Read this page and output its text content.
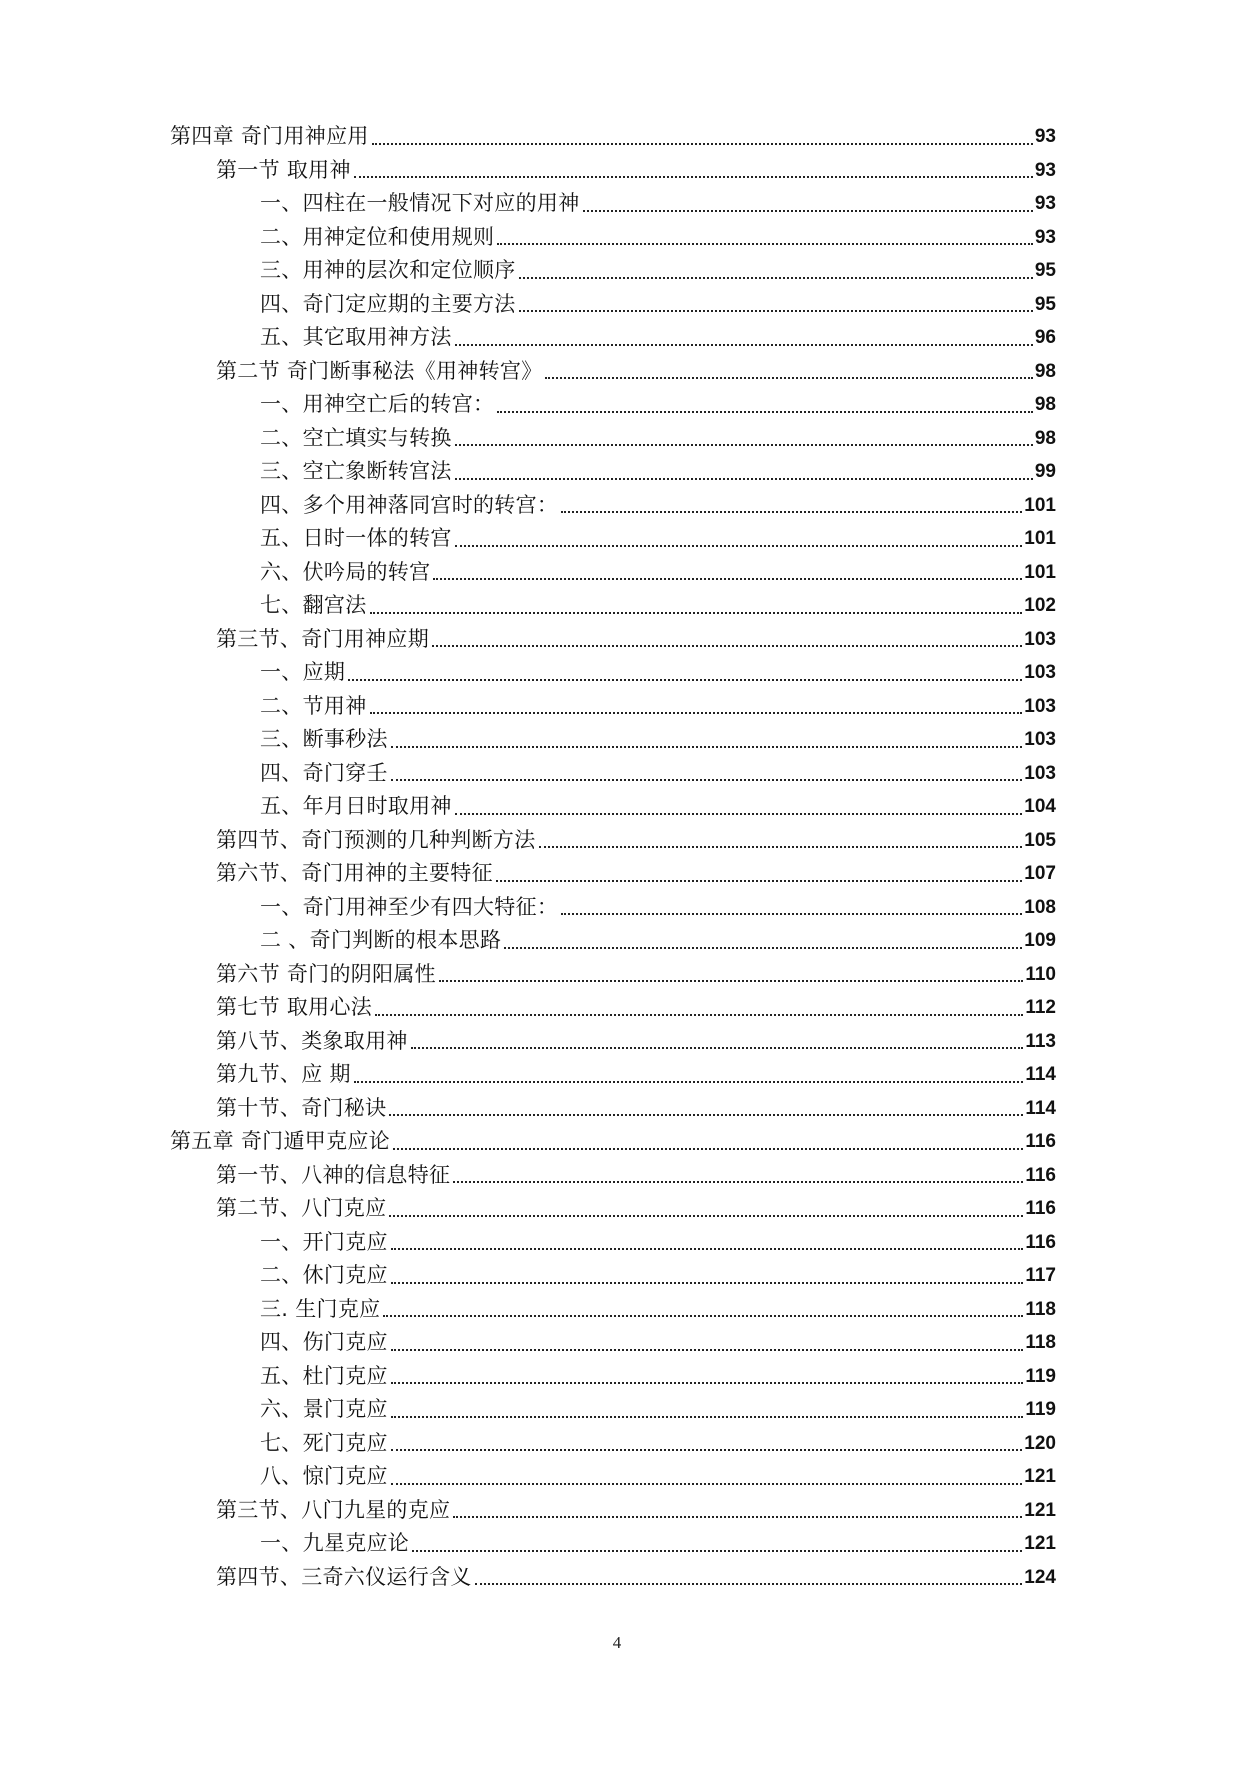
第四章 奇门用神应用	93
第一节 取用神	93
一、四柱在一般情况下对应的用神	93
二、用神定位和使用规则	93
三、用神的层次和定位顺序	95
四、奇门定应期的主要方法	95
五、其它取用神方法	96
第二节 奇门断事秘法《用神转宫》	98
一、用神空亡后的转宫：	98
二、空亡填实与转换	98
三、空亡象断转宫法	99
四、多个用神落同宫时的转宫：	101
五、日时一体的转宫	101
六、伏吟局的转宫	101
七、翻宫法	102
第三节、奇门用神应期	103
一、应期	103
二、节用神	103
三、断事秒法	103
四、奇门穿壬	103
五、年月日时取用神	104
第四节、奇门预测的几种判断方法	105
第六节、奇门用神的主要特征	107
一、奇门用神至少有四大特征：	108
二 、奇门判断的根本思路	109
第六节 奇门的阴阳属性	110
第七节 取用心法	112
第八节、类象取用神	113
第九节、应 期	114
第十节、奇门秘诀	114
第五章 奇门遁甲克应论	116
第一节、八神的信息特征	116
第二节、八门克应	116
一、开门克应	116
二、休门克应	117
三. 生门克应	118
四、伤门克应	118
五、杜门克应	119
六、景门克应	119
七、死门克应	120
八、惊门克应	121
第三节、八门九星的克应	121
一、九星克应论	121
第四节、三奇六仪运行含义	124
4
